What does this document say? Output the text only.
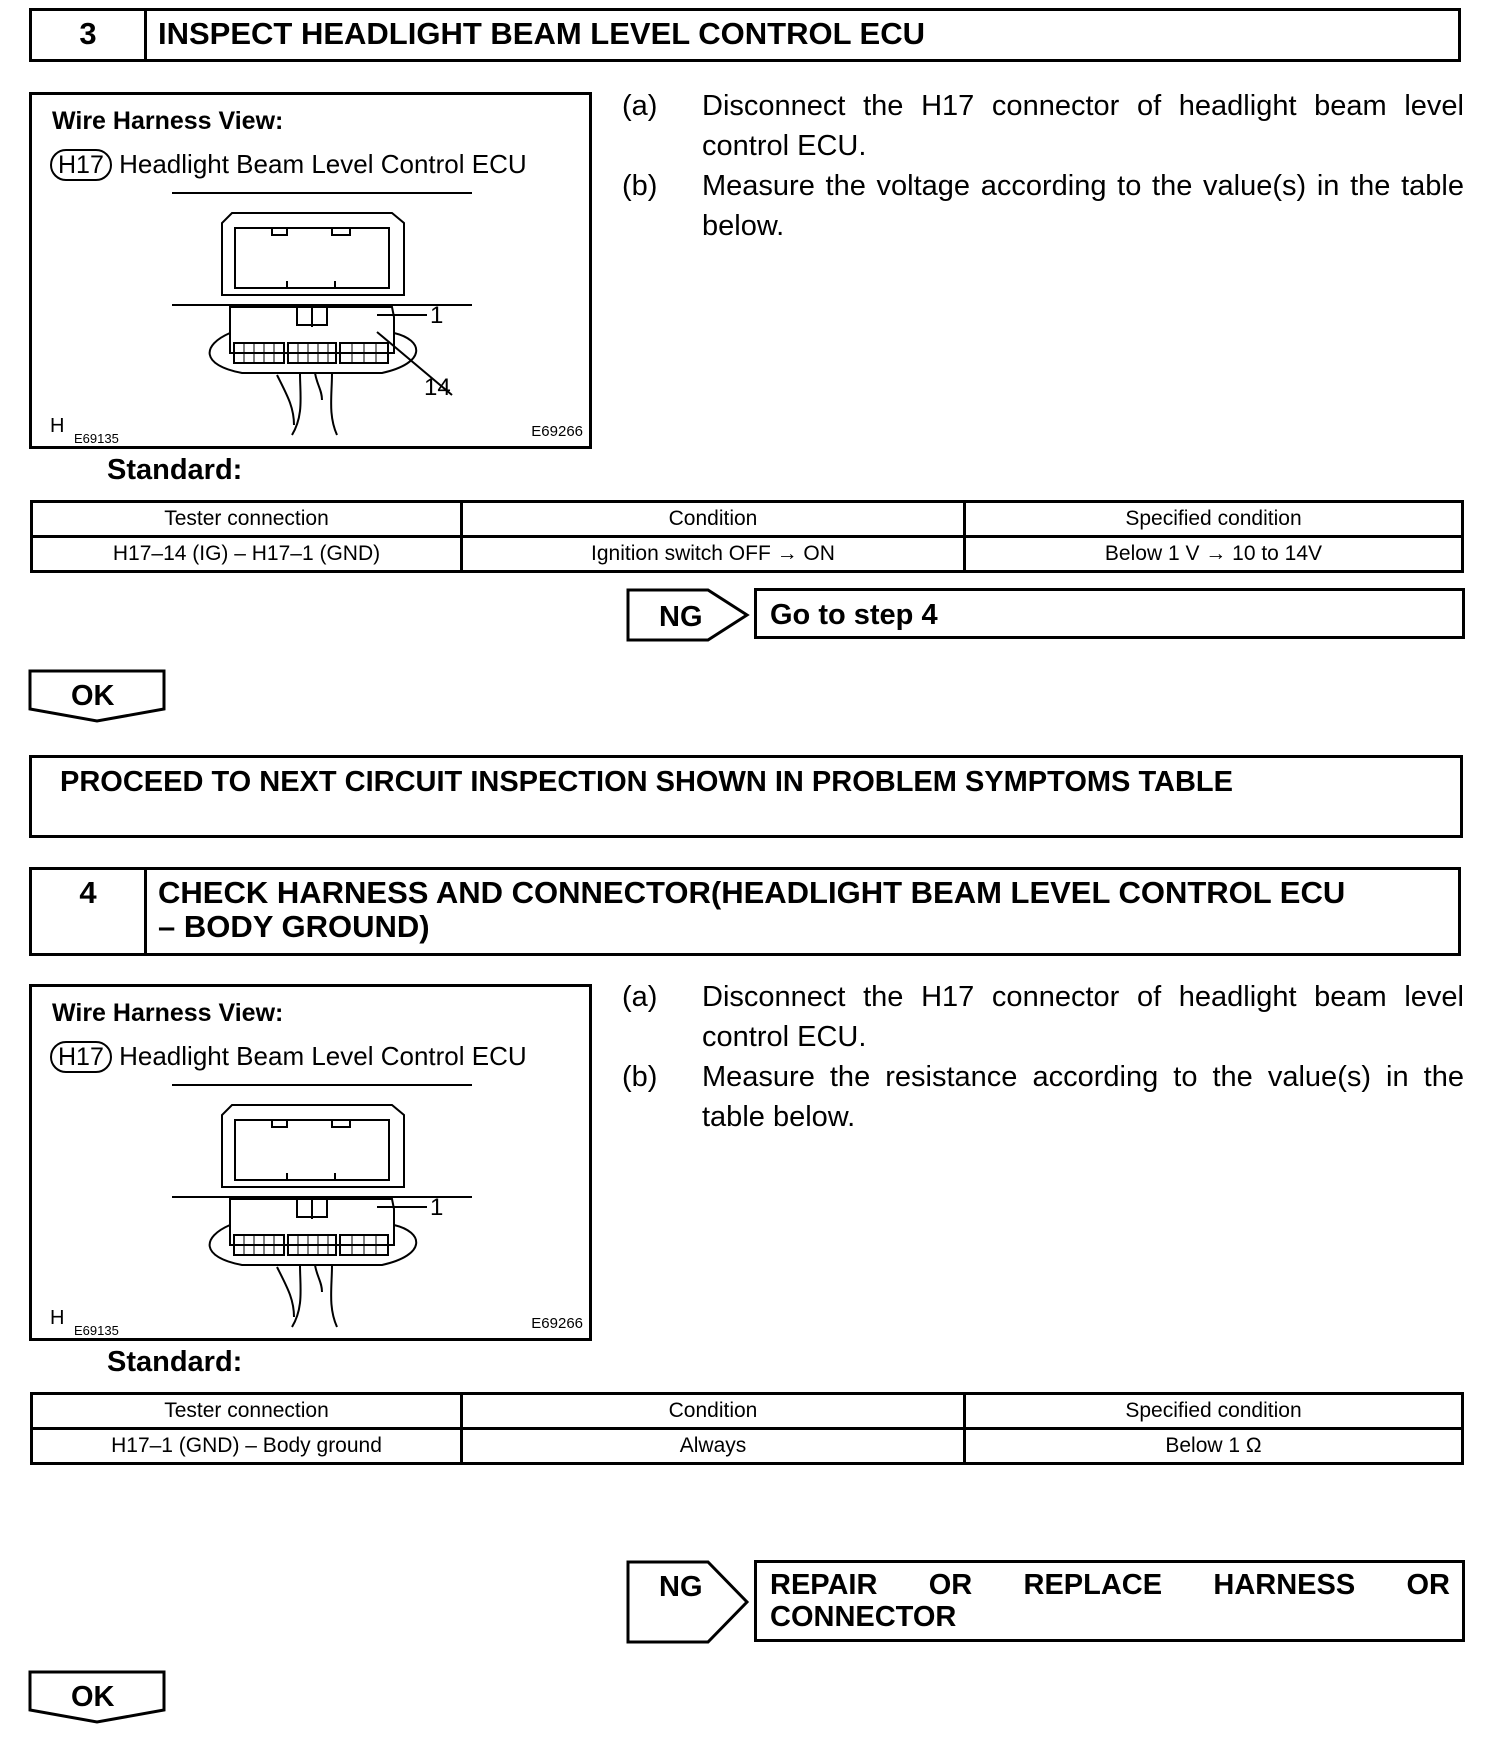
3	INSPECT HEADLIGHT BEAM LEVEL CONTROL ECU
1
14
Wire Harness View:
H17 Headlight Beam Level Control ECU
H
E69135	E69266
(a) Disconnect the H17 connector of headlight beam level control ECU.
(b) Measure the voltage according to the value(s) in the table below.
Standard:
Tester connection	Condition	Specified condition
H17–14 (IG) – H17–1 (GND)	Ignition switch OFF → ON	Below 1 V → 10 to 14V
NG Go to step 4
OK
PROCEED TO NEXT CIRCUIT INSPECTION SHOWN IN PROBLEM SYMPTOMS TABLE
4	CHECK HARNESS AND CONNECTOR(HEADLIGHT BEAM LEVEL CONTROL ECU
– BODY GROUND)
1
Wire Harness View:
H17 Headlight Beam Level Control ECU
H
E69135	E69266
(a) Disconnect the H17 connector of headlight beam level control ECU.
(b) Measure the resistance according to the value(s) in the table below.
Standard:
Tester connection	Condition	Specified condition
H17–1 (GND) – Body ground	Always	Below 1 Ω
NG REPAIR OR REPLACE HARNESS OR
CONNECTOR
OK
